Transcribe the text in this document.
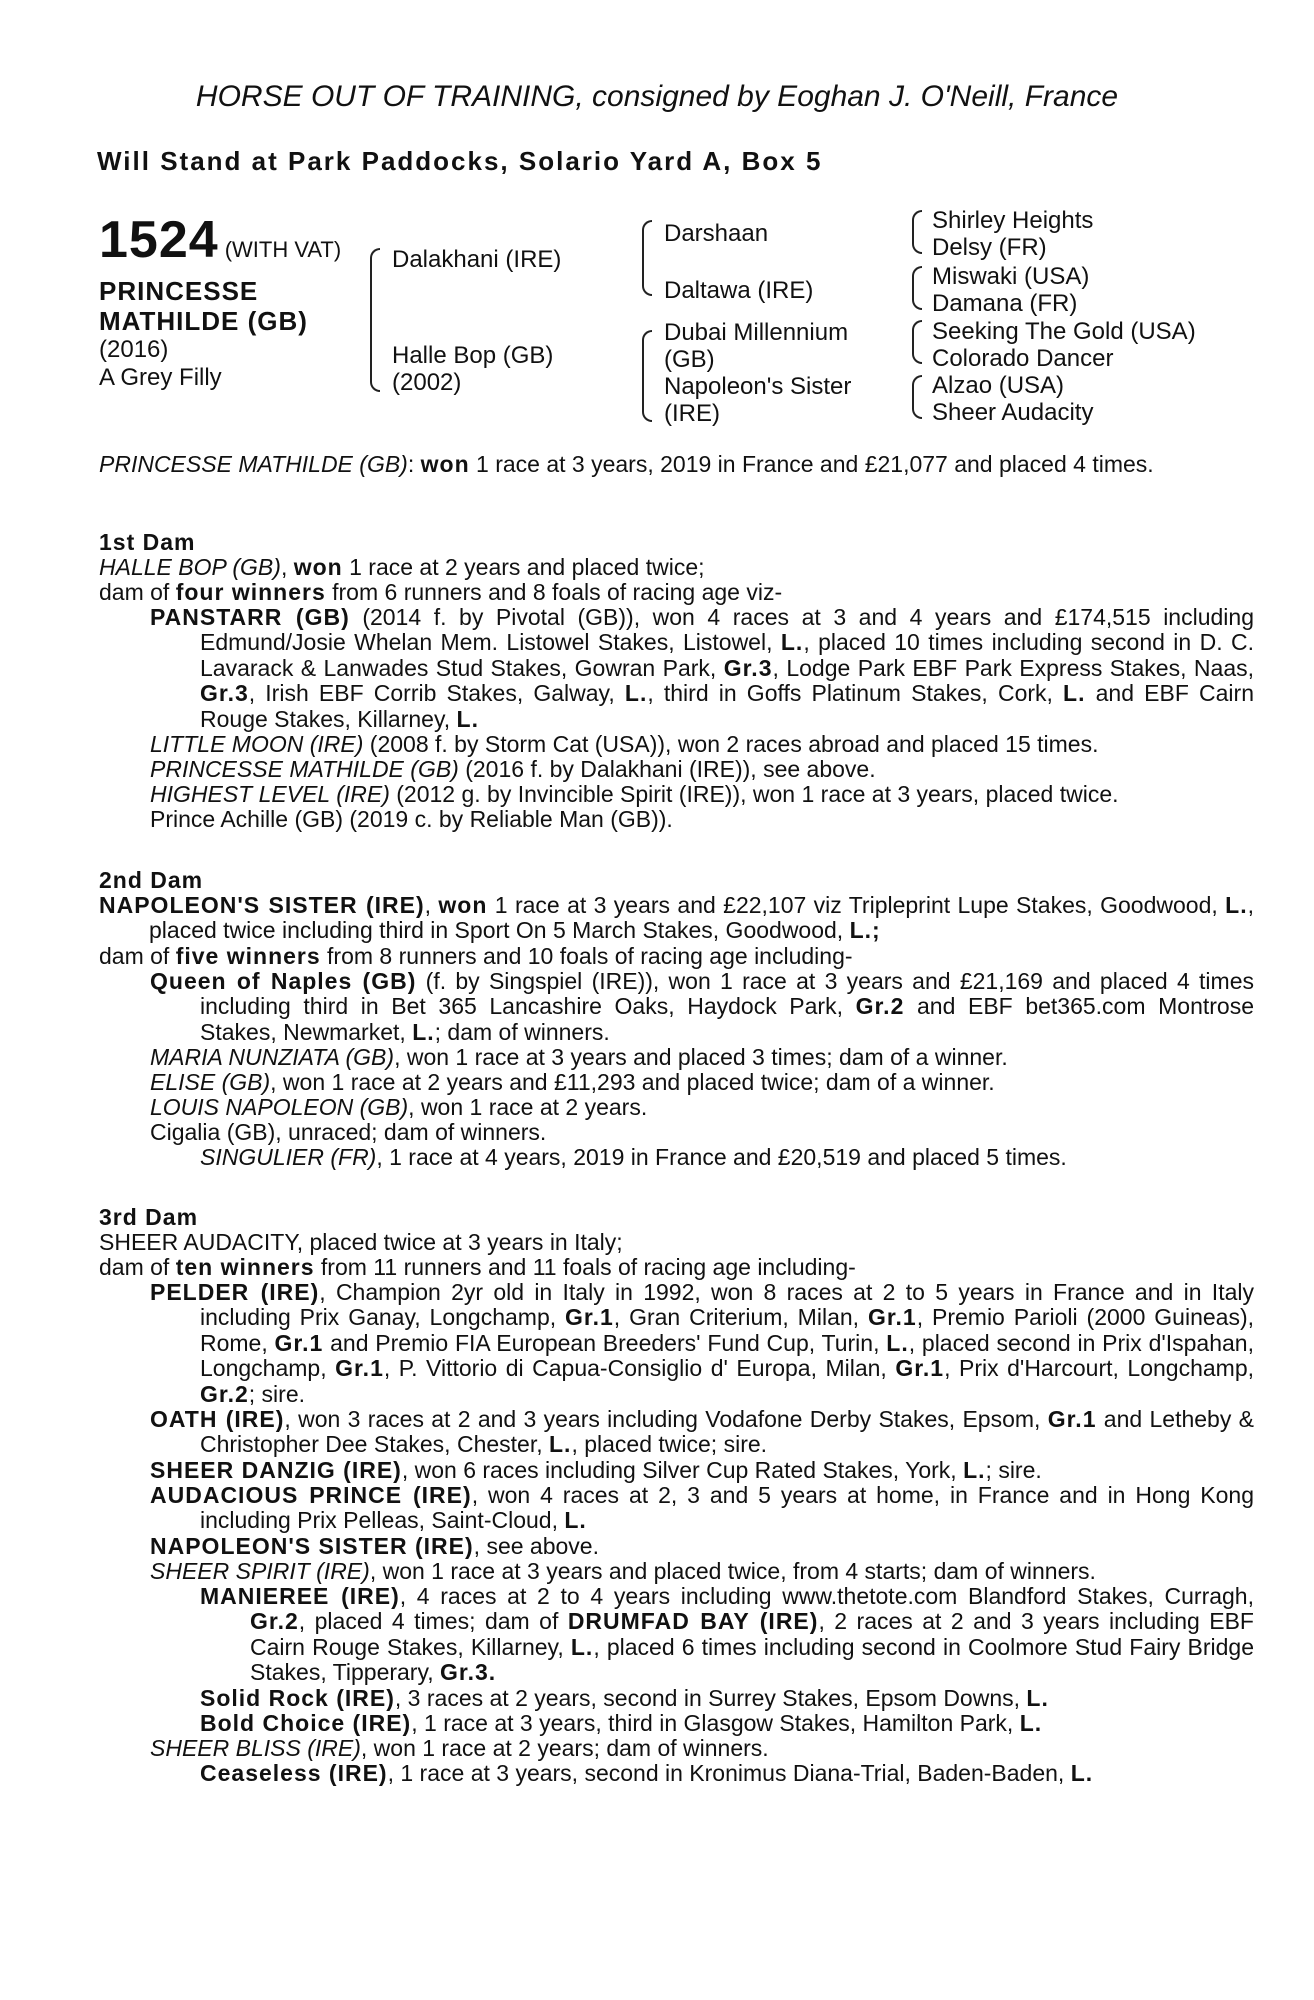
HORSE OUT OF TRAINING, consigned by Eoghan J. O'Neill, France
Will Stand at Park Paddocks, Solario Yard A, Box 5
1524 (WITH VAT)
PRINCESSE
MATHILDE (GB)
(2016)
A Grey Filly
Dalakhani (IRE)
Halle Bop (GB)
(2002)
Darshaan
Daltawa (IRE)
Dubai Millennium
(GB)
Napoleon's Sister
(IRE)
Shirley Heights
Delsy (FR)
Miswaki (USA)
Damana (FR)
Seeking The Gold (USA)
Colorado Dancer
Alzao (USA)
Sheer Audacity
PRINCESSE MATHILDE (GB): won 1 race at 3 years, 2019 in France and £21,077 and placed 4 times.
1st Dam
HALLE BOP (GB), won 1 race at 2 years and placed twice;
dam of four winners from 6 runners and 8 foals of racing age viz-
PANSTARR (GB) (2014 f. by Pivotal (GB)), won 4 races at 3 and 4 years and £174,515 including Edmund/Josie Whelan Mem. Listowel Stakes, Listowel, L., placed 10 times including second in D. C. Lavarack & Lanwades Stud Stakes, Gowran Park, Gr.3, Lodge Park EBF Park Express Stakes, Naas, Gr.3, Irish EBF Corrib Stakes, Galway, L., third in Goffs Platinum Stakes, Cork, L. and EBF Cairn Rouge Stakes, Killarney, L.
LITTLE MOON (IRE) (2008 f. by Storm Cat (USA)), won 2 races abroad and placed 15 times.
PRINCESSE MATHILDE (GB) (2016 f. by Dalakhani (IRE)), see above.
HIGHEST LEVEL (IRE) (2012 g. by Invincible Spirit (IRE)), won 1 race at 3 years, placed twice.
Prince Achille (GB) (2019 c. by Reliable Man (GB)).
2nd Dam
NAPOLEON'S SISTER (IRE), won 1 race at 3 years and £22,107 viz Tripleprint Lupe Stakes, Goodwood, L., placed twice including third in Sport On 5 March Stakes, Goodwood, L.;
dam of five winners from 8 runners and 10 foals of racing age including-
Queen of Naples (GB) (f. by Singspiel (IRE)), won 1 race at 3 years and £21,169 and placed 4 times including third in Bet 365 Lancashire Oaks, Haydock Park, Gr.2 and EBF bet365.com Montrose Stakes, Newmarket, L.; dam of winners.
MARIA NUNZIATA (GB), won 1 race at 3 years and placed 3 times; dam of a winner.
ELISE (GB), won 1 race at 2 years and £11,293 and placed twice; dam of a winner.
LOUIS NAPOLEON (GB), won 1 race at 2 years.
Cigalia (GB), unraced; dam of winners.
SINGULIER (FR), 1 race at 4 years, 2019 in France and £20,519 and placed 5 times.
3rd Dam
SHEER AUDACITY, placed twice at 3 years in Italy;
dam of ten winners from 11 runners and 11 foals of racing age including-
PELDER (IRE), Champion 2yr old in Italy in 1992, won 8 races at 2 to 5 years in France and in Italy including Prix Ganay, Longchamp, Gr.1, Gran Criterium, Milan, Gr.1, Premio Parioli (2000 Guineas), Rome, Gr.1 and Premio FIA European Breeders' Fund Cup, Turin, L., placed second in Prix d'Ispahan, Longchamp, Gr.1, P. Vittorio di Capua-Consiglio d' Europa, Milan, Gr.1, Prix d'Harcourt, Longchamp, Gr.2; sire.
OATH (IRE), won 3 races at 2 and 3 years including Vodafone Derby Stakes, Epsom, Gr.1 and Letheby & Christopher Dee Stakes, Chester, L., placed twice; sire.
SHEER DANZIG (IRE), won 6 races including Silver Cup Rated Stakes, York, L.; sire.
AUDACIOUS PRINCE (IRE), won 4 races at 2, 3 and 5 years at home, in France and in Hong Kong including Prix Pelleas, Saint-Cloud, L.
NAPOLEON'S SISTER (IRE), see above.
SHEER SPIRIT (IRE), won 1 race at 3 years and placed twice, from 4 starts; dam of winners.
MANIEREE (IRE), 4 races at 2 to 4 years including www.thetote.com Blandford Stakes, Curragh, Gr.2, placed 4 times; dam of DRUMFAD BAY (IRE), 2 races at 2 and 3 years including EBF Cairn Rouge Stakes, Killarney, L., placed 6 times including second in Coolmore Stud Fairy Bridge Stakes, Tipperary, Gr.3.
Solid Rock (IRE), 3 races at 2 years, second in Surrey Stakes, Epsom Downs, L.
Bold Choice (IRE), 1 race at 3 years, third in Glasgow Stakes, Hamilton Park, L.
SHEER BLISS (IRE), won 1 race at 2 years; dam of winners.
Ceaseless (IRE), 1 race at 3 years, second in Kronimus Diana-Trial, Baden-Baden, L.
